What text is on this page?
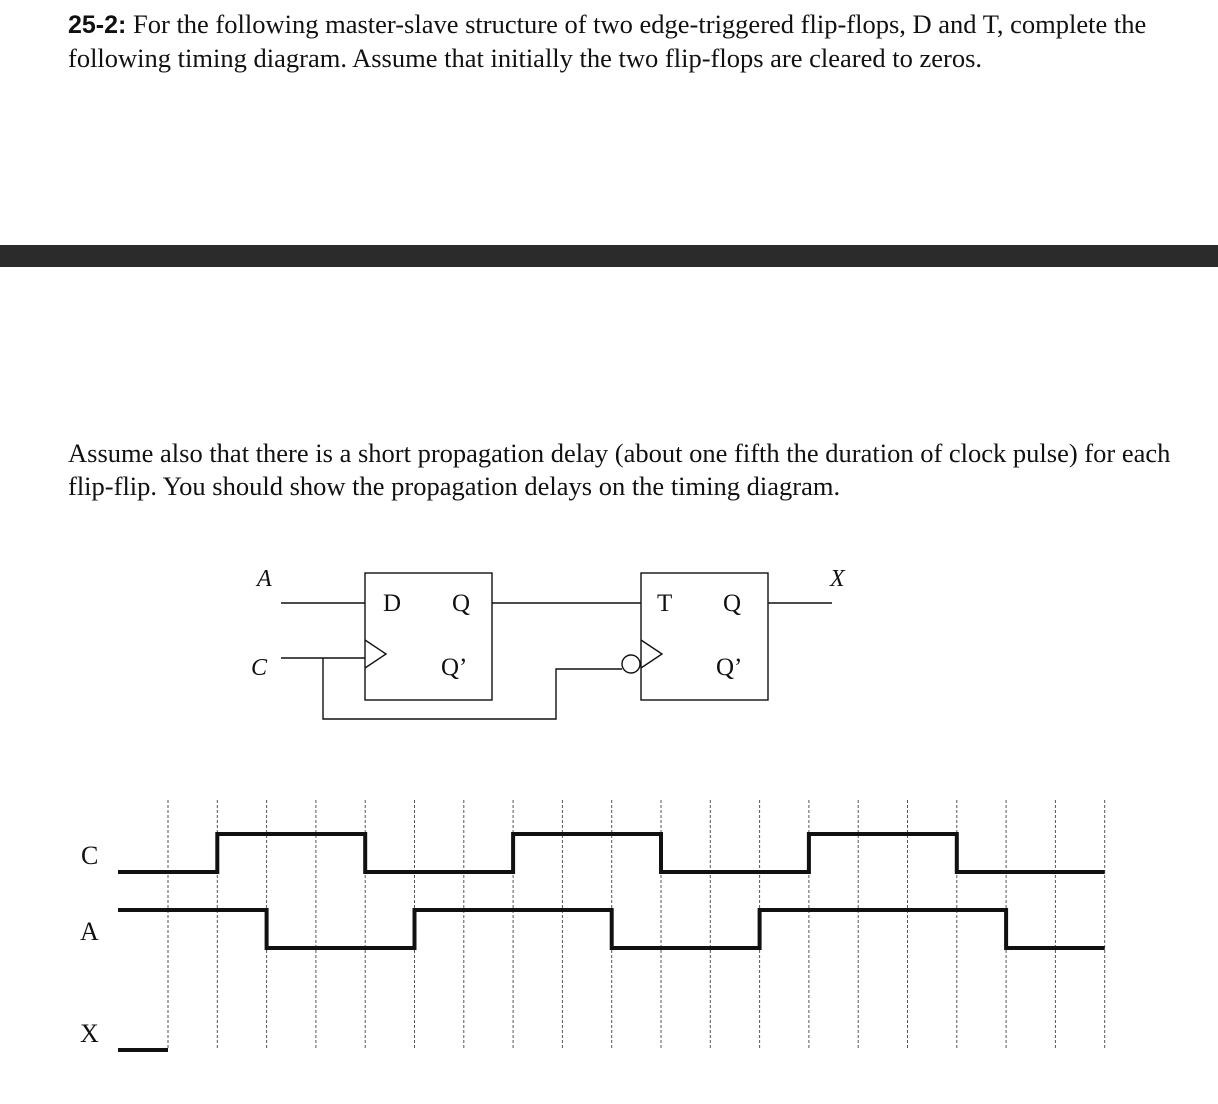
25-2: For the following master-slave structure of two edge-triggered flip-flops, D and T, complete the following timing diagram. Assume that initially the two flip-flops are cleared to zeros.

Assume also that there is a short propagation delay (about one fifth the duration of clock pulse) for each flip-flip. You should show the propagation delays on the timing diagram.

A
C
X
D Q
Q’
T Q
Q’
C
A
X
